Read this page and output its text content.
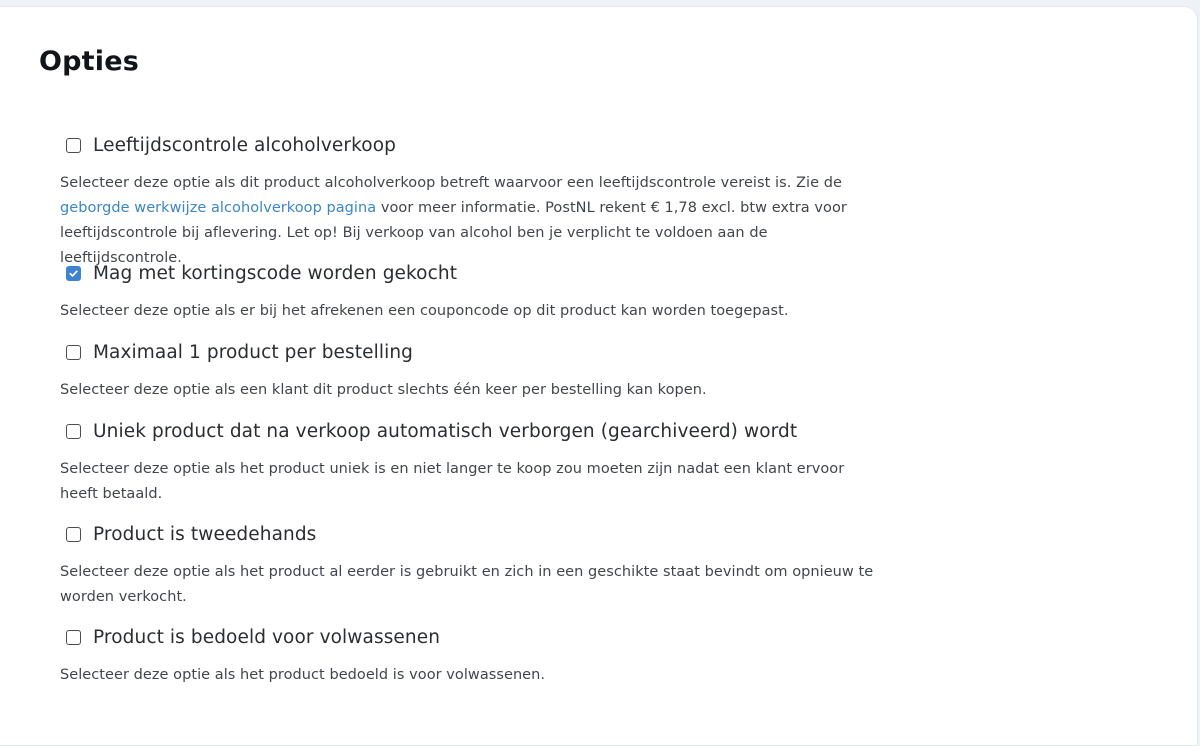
Opties
Leeftijdscontrole alcoholverkoop

Selecteer deze optie als dit product alcoholverkoop betreft waarvoor een leeftijdscontrole vereist is. Zie de geborgde werkwijze alcoholverkoop pagina voor meer informatie. PostNL rekent € 1,78 excl. btw extra voor leeftijdscontrole bij aflevering. Let op! Bij verkoop van alcohol ben je verplicht te voldoen aan de leeftijdscontrole.

Mag met kortingscode worden gekocht

Selecteer deze optie als er bij het afrekenen een couponcode op dit product kan worden toegepast.

Maximaal 1 product per bestelling

Selecteer deze optie als een klant dit product slechts één keer per bestelling kan kopen.

Uniek product dat na verkoop automatisch verborgen (gearchiveerd) wordt

Selecteer deze optie als het product uniek is en niet langer te koop zou moeten zijn nadat een klant ervoor heeft betaald.

Product is tweedehands

Selecteer deze optie als het product al eerder is gebruikt en zich in een geschikte staat bevindt om opnieuw te worden verkocht.

Product is bedoeld voor volwassenen

Selecteer deze optie als het product bedoeld is voor volwassenen.
